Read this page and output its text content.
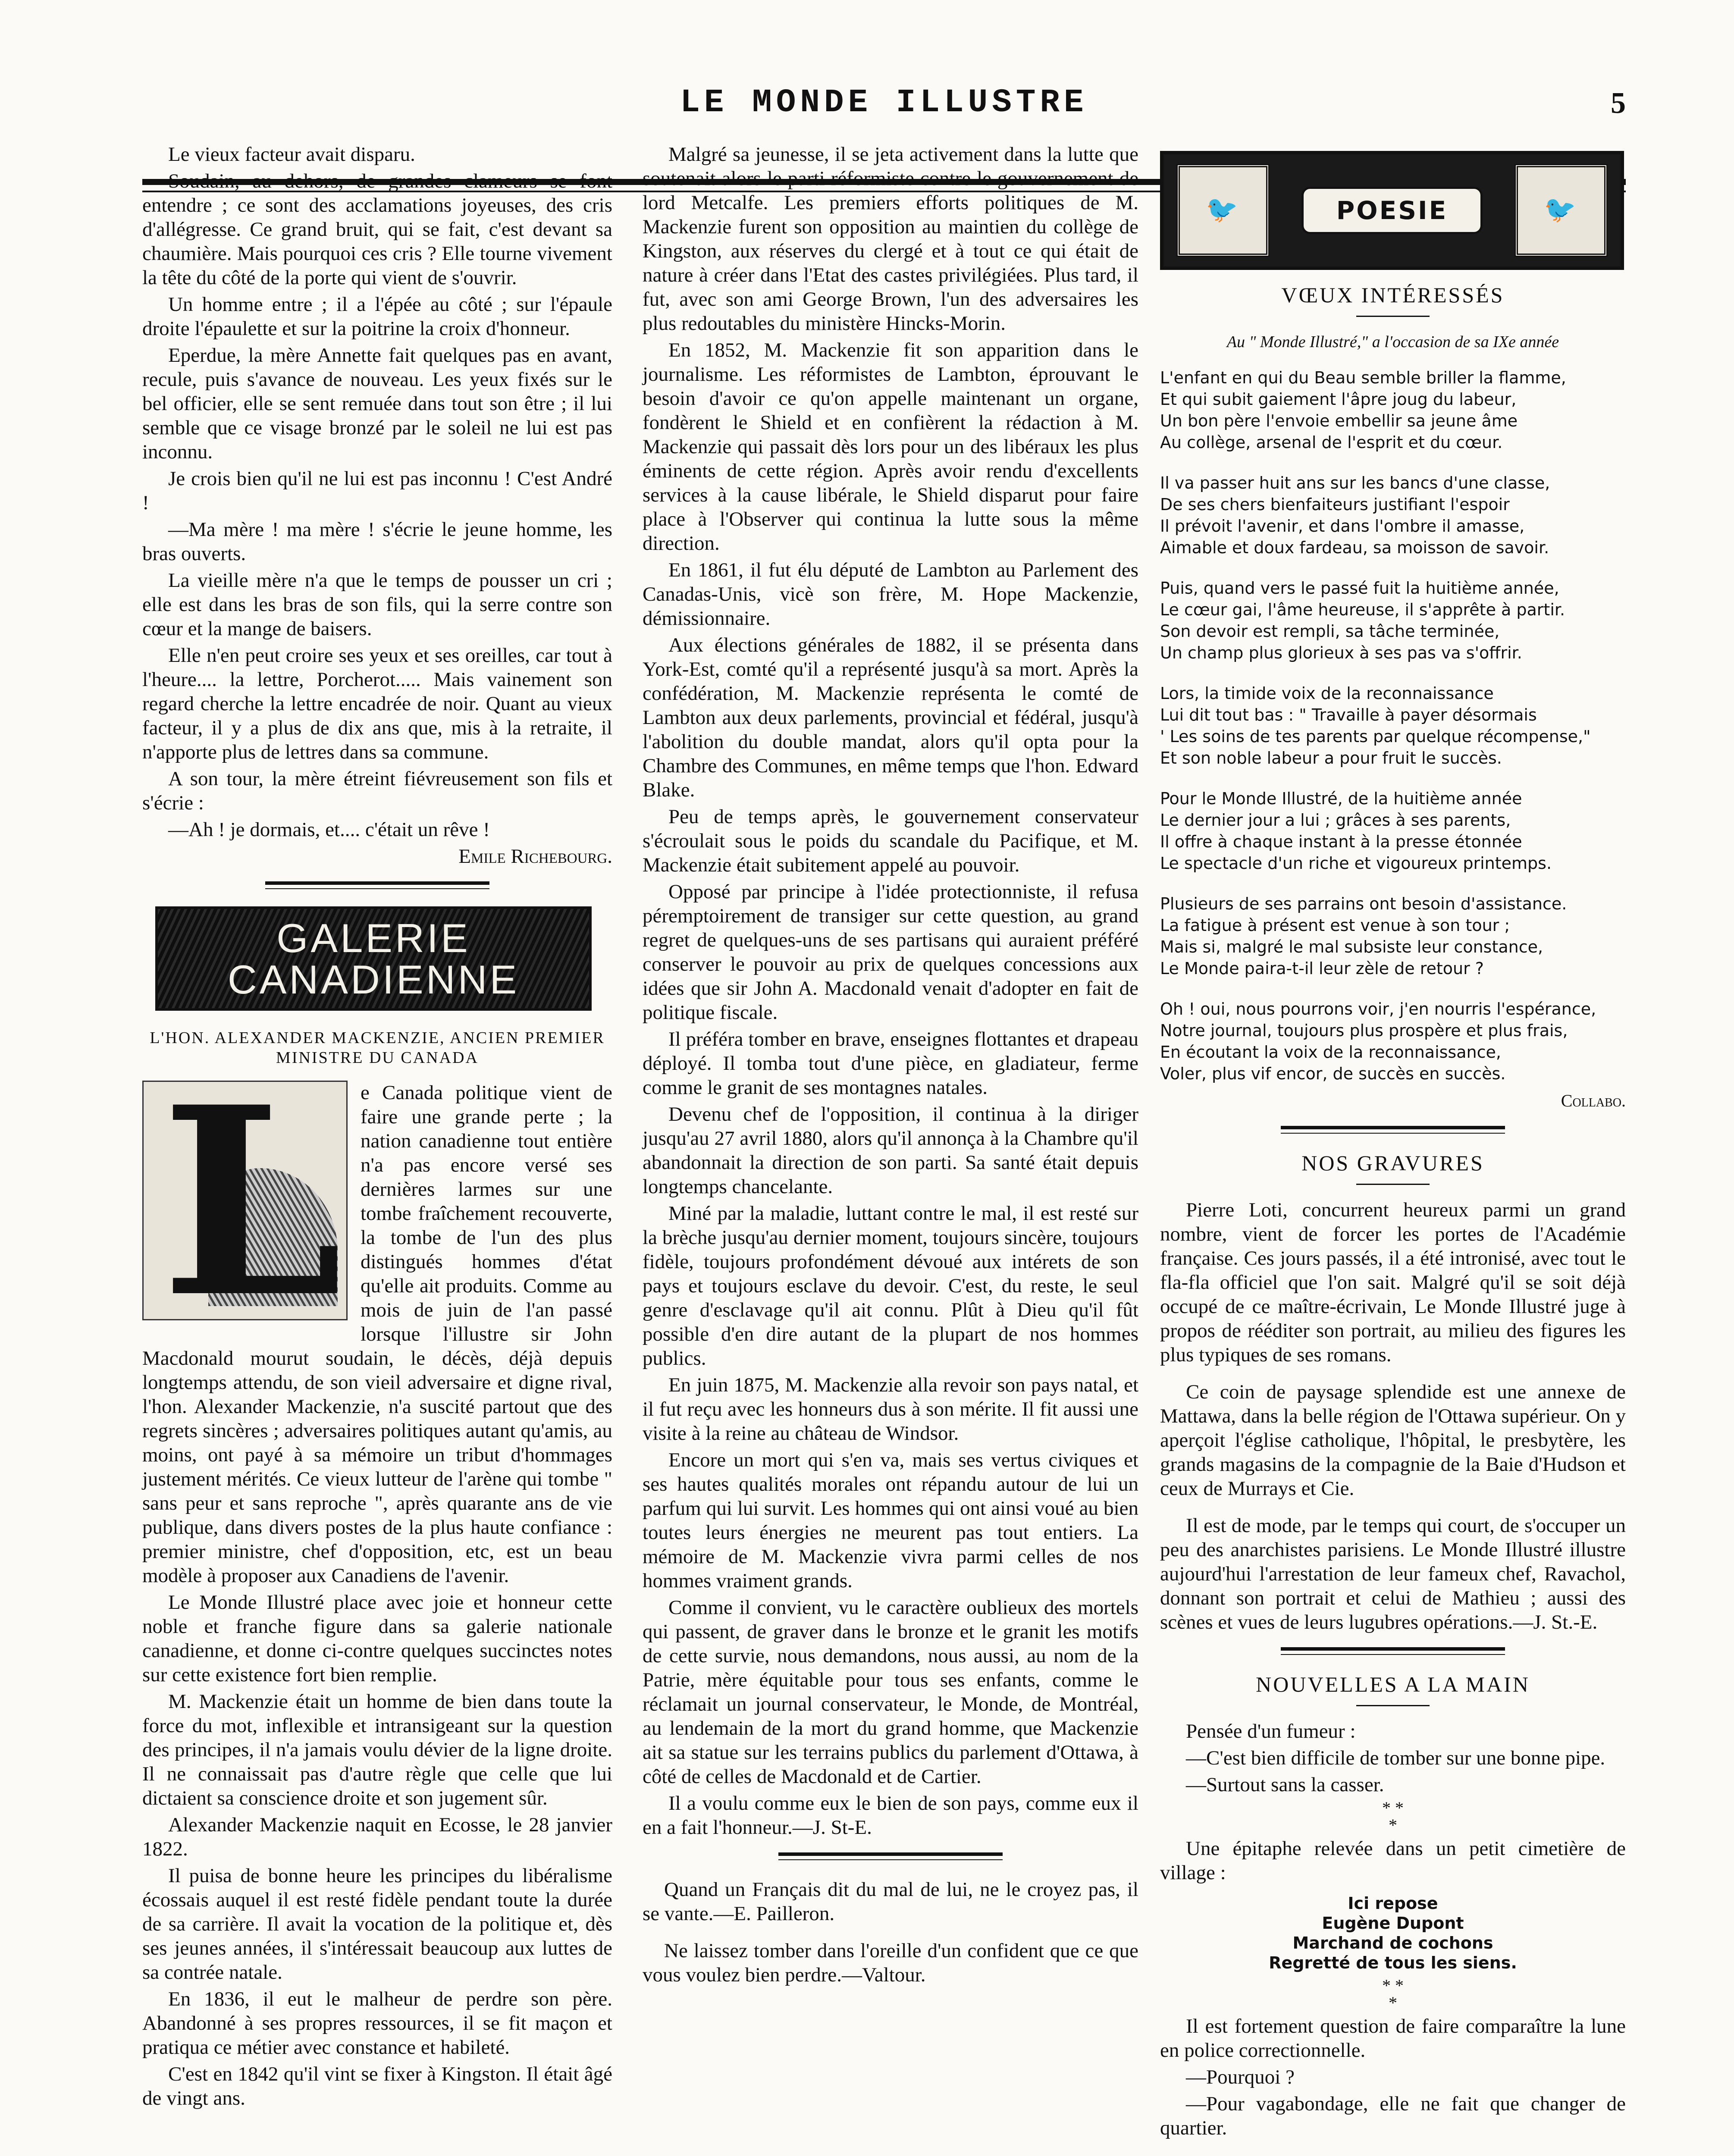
LE MONDE ILLUSTRE	5

Le vieux facteur avait disparu.

Soudain, au dehors, de grandes clameurs se font entendre ; ce sont des acclamations joyeuses, des cris d'allégresse. Ce grand bruit, qui se fait, c'est devant sa chaumière. Mais pourquoi ces cris ? Elle tourne vivement la tête du côté de la porte qui vient de s'ouvrir.

Un homme entre ; il a l'épée au côté ; sur l'épaule droite l'épaulette et sur la poitrine la croix d'honneur.

Eperdue, la mère Annette fait quelques pas en avant, recule, puis s'avance de nouveau. Les yeux fixés sur le bel officier, elle se sent remuée dans tout son être ; il lui semble que ce visage bronzé par le soleil ne lui est pas inconnu.

Je crois bien qu'il ne lui est pas inconnu ! C'est André !

—Ma mère ! ma mère ! s'écrie le jeune homme, les bras ouverts.

La vieille mère n'a que le temps de pousser un cri ; elle est dans les bras de son fils, qui la serre contre son cœur et la mange de baisers.

Elle n'en peut croire ses yeux et ses oreilles, car tout à l'heure.... la lettre, Porcherot..... Mais vainement son regard cherche la lettre encadrée de noir. Quant au vieux facteur, il y a plus de dix ans que, mis à la retraite, il n'apporte plus de lettres dans sa commune.

A son tour, la mère étreint fiévreusement son fils et s'écrie :

—Ah ! je dormais, et.... c'était un rêve !

Emile Richebourg.
GALERIE
CANADIENNE
L'HON. ALEXANDER MACKENZIE, ANCIEN PREMIER MINISTRE DU CANADA
L e Canada politique vient de faire une grande perte ; la nation canadienne tout entière n'a pas encore versé ses dernières larmes sur une tombe fraîchement recouverte, la tombe de l'un des plus distingués hommes d'état qu'elle ait produits. Comme au mois de juin de l'an passé lorsque l'illustre sir John Macdonald mourut soudain, le décès, déjà depuis longtemps attendu, de son vieil adversaire et digne rival, l'hon. Alexander Mackenzie, n'a suscité partout que des regrets sincères ; adversaires politiques autant qu'amis, au moins, ont payé à sa mémoire un tribut d'hommages justement mérités. Ce vieux lutteur de l'arène qui tombe " sans peur et sans reproche ", après quarante ans de vie publique, dans divers postes de la plus haute confiance : premier ministre, chef d'opposition, etc, est un beau modèle à proposer aux Canadiens de l'avenir.

Le Monde Illustré place avec joie et honneur cette noble et franche figure dans sa galerie nationale canadienne, et donne ci-contre quelques succinctes notes sur cette existence fort bien remplie.

M. Mackenzie était un homme de bien dans toute la force du mot, inflexible et intransigeant sur la question des principes, il n'a jamais voulu dévier de la ligne droite. Il ne connaissait pas d'autre règle que celle que lui dictaient sa conscience droite et son jugement sûr.

Alexander Mackenzie naquit en Ecosse, le 28 janvier 1822.

Il puisa de bonne heure les principes du libéralisme écossais auquel il est resté fidèle pendant toute la durée de sa carrière. Il avait la vocation de la politique et, dès ses jeunes années, il s'intéressait beaucoup aux luttes de sa contrée natale.

En 1836, il eut le malheur de perdre son père. Abandonné à ses propres ressources, il se fit maçon et pratiqua ce métier avec constance et habileté.

C'est en 1842 qu'il vint se fixer à Kingston. Il était âgé de vingt ans.

Malgré sa jeunesse, il se jeta activement dans la lutte que soutenait alors le parti réformiste contre le gouvernement de lord Metcalfe. Les premiers efforts politiques de M. Mackenzie furent son opposition au maintien du collège de Kingston, aux réserves du clergé et à tout ce qui était de nature à créer dans l'Etat des castes privilégiées. Plus tard, il fut, avec son ami George Brown, l'un des adversaires les plus redoutables du ministère Hincks-Morin.

En 1852, M. Mackenzie fit son apparition dans le journalisme. Les réformistes de Lambton, éprouvant le besoin d'avoir ce qu'on appelle maintenant un organe, fondèrent le Shield et en confièrent la rédaction à M. Mackenzie qui passait dès lors pour un des libéraux les plus éminents de cette région. Après avoir rendu d'excellents services à la cause libérale, le Shield disparut pour faire place à l'Observer qui continua la lutte sous la même direction.

En 1861, il fut élu député de Lambton au Parlement des Canadas-Unis, vicè son frère, M. Hope Mackenzie, démissionnaire.

Aux élections générales de 1882, il se présenta dans York-Est, comté qu'il a représenté jusqu'à sa mort. Après la confédération, M. Mackenzie représenta le comté de Lambton aux deux parlements, provincial et fédéral, jusqu'à l'abolition du double mandat, alors qu'il opta pour la Chambre des Communes, en même temps que l'hon. Edward Blake.

Peu de temps après, le gouvernement conservateur s'écroulait sous le poids du scandale du Pacifique, et M. Mackenzie était subitement appelé au pouvoir.

Opposé par principe à l'idée protectionniste, il refusa péremptoirement de transiger sur cette question, au grand regret de quelques-uns de ses partisans qui auraient préféré conserver le pouvoir au prix de quelques concessions aux idées que sir John A. Macdonald venait d'adopter en fait de politique fiscale.

Il préféra tomber en brave, enseignes flottantes et drapeau déployé. Il tomba tout d'une pièce, en gladiateur, ferme comme le granit de ses montagnes natales.

Devenu chef de l'opposition, il continua à la diriger jusqu'au 27 avril 1880, alors qu'il annonça à la Chambre qu'il abandonnait la direction de son parti. Sa santé était depuis longtemps chancelante.

Miné par la maladie, luttant contre le mal, il est resté sur la brèche jusqu'au dernier moment, toujours sincère, toujours fidèle, toujours profondément dévoué aux intérets de son pays et toujours esclave du devoir. C'est, du reste, le seul genre d'esclavage qu'il ait connu. Plût à Dieu qu'il fût possible d'en dire autant de la plupart de nos hommes publics.

En juin 1875, M. Mackenzie alla revoir son pays natal, et il fut reçu avec les honneurs dus à son mérite. Il fit aussi une visite à la reine au château de Windsor.

Encore un mort qui s'en va, mais ses vertus civiques et ses hautes qualités morales ont répandu autour de lui un parfum qui lui survit. Les hommes qui ont ainsi voué au bien toutes leurs énergies ne meurent pas tout entiers. La mémoire de M. Mackenzie vivra parmi celles de nos hommes vraiment grands.

Comme il convient, vu le caractère oublieux des mortels qui passent, de graver dans le bronze et le granit les motifs de cette survie, nous demandons, nous aussi, au nom de la Patrie, mère équitable pour tous ses enfants, comme le réclamait un journal conservateur, le Monde, de Montréal, au lendemain de la mort du grand homme, que Mackenzie ait sa statue sur les terrains publics du parlement d'Ottawa, à côté de celles de Macdonald et de Cartier.

Il a voulu comme eux le bien de son pays, comme eux il en a fait l'honneur.—J. St-E.

Quand un Français dit du mal de lui, ne le croyez pas, il se vante.—E. Pailleron.

Ne laissez tomber dans l'oreille d'un confident que ce que vous voulez bien perdre.—Valtour.

🐦	POESIE	🐦
VŒUX INTÉRESSÉS
Au " Monde Illustré," a l'occasion de sa IXe année
L'enfant en qui du Beau semble briller la flamme,
Et qui subit gaiement l'âpre joug du labeur,
Un bon père l'envoie embellir sa jeune âme
Au collège, arsenal de l'esprit et du cœur.
Il va passer huit ans sur les bancs d'une classe,
De ses chers bienfaiteurs justifiant l'espoir
Il prévoit l'avenir, et dans l'ombre il amasse,
Aimable et doux fardeau, sa moisson de savoir.
Puis, quand vers le passé fuit la huitième année,
Le cœur gai, l'âme heureuse, il s'apprête à partir.
Son devoir est rempli, sa tâche terminée,
Un champ plus glorieux à ses pas va s'offrir.
Lors, la timide voix de la reconnaissance
Lui dit tout bas : " Travaille à payer désormais
' Les soins de tes parents par quelque récompense,"
Et son noble labeur a pour fruit le succès.
Pour le Monde Illustré, de la huitième année
Le dernier jour a lui ; grâces à ses parents,
Il offre à chaque instant à la presse étonnée
Le spectacle d'un riche et vigoureux printemps.
Plusieurs de ses parrains ont besoin d'assistance.
La fatigue à présent est venue à son tour ;
Mais si, malgré le mal subsiste leur constance,
Le Monde paira-t-il leur zèle de retour ?
Oh ! oui, nous pourrons voir, j'en nourris l'espérance,
Notre journal, toujours plus prospère et plus frais,
En écoutant la voix de la reconnaissance,
Voler, plus vif encor, de succès en succès.
Collabo.
NOS GRAVURES

Pierre Loti, concurrent heureux parmi un grand nombre, vient de forcer les portes de l'Académie française. Ces jours passés, il a été intronisé, avec tout le fla-fla officiel que l'on sait. Malgré qu'il se soit déjà occupé de ce maître-écrivain, Le Monde Illustré juge à propos de rééditer son portrait, au milieu des figures les plus typiques de ses romans.

Ce coin de paysage splendide est une annexe de Mattawa, dans la belle région de l'Ottawa supérieur. On y aperçoit l'église catholique, l'hôpital, le presbytère, les grands magasins de la compagnie de la Baie d'Hudson et ceux de Murrays et Cie.

Il est de mode, par le temps qui court, de s'occuper un peu des anarchistes parisiens. Le Monde Illustré illustre aujourd'hui l'arrestation de leur fameux chef, Ravachol, donnant son portrait et celui de Mathieu ; aussi des scènes et vues de leurs lugubres opérations.—J. St.-E.

NOUVELLES A LA MAIN

Pensée d'un fumeur :

—C'est bien difficile de tomber sur une bonne pipe.

—Surtout sans la casser.

* *
*

Une épitaphe relevée dans un petit cimetière de village :

Ici repose
Eugène Dupont
Marchand de cochons
Regretté de tous les siens.
* *
*

Il est fortement question de faire comparaître la lune en police correctionnelle.

—Pourquoi ?

—Pour vagabondage, elle ne fait que changer de quartier.
